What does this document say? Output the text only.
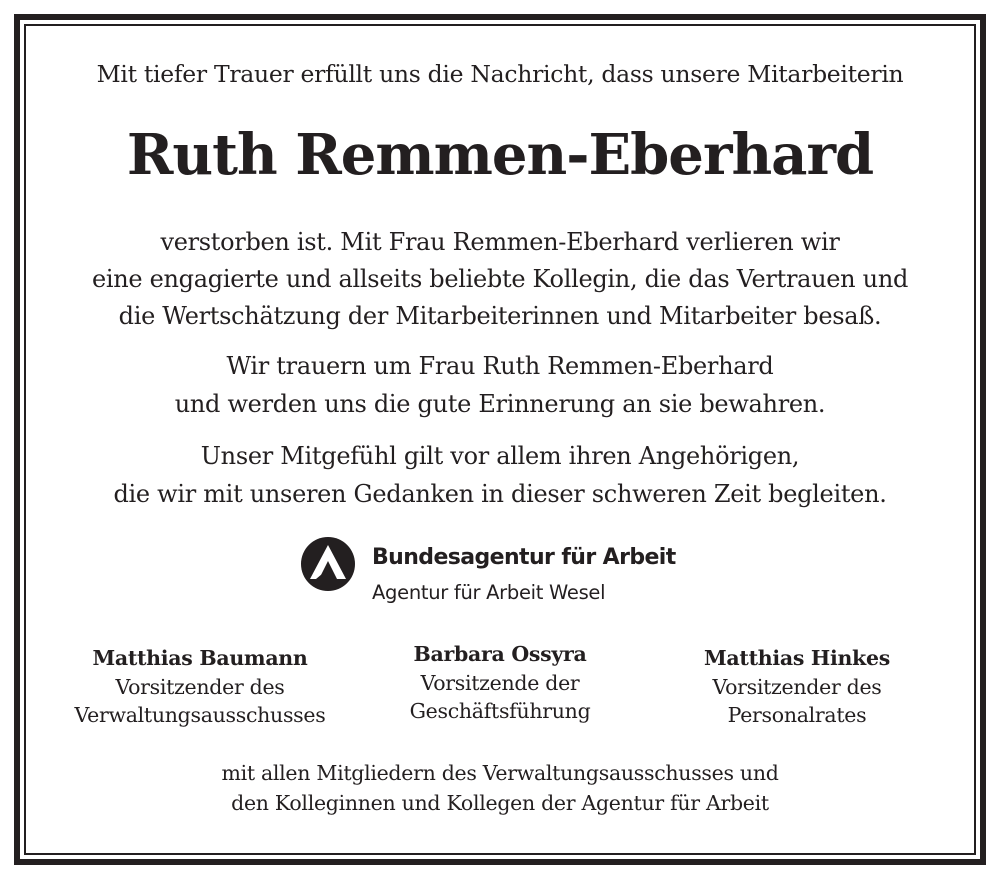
Mit tiefer Trauer erfüllt uns die Nachricht, dass unsere Mitarbeiterin
Ruth Remmen-Eberhard
verstorben ist. Mit Frau Remmen-Eberhard verlieren wir
eine engagierte und allseits beliebte Kollegin, die das Vertrauen und
die Wertschätzung der Mitarbeiterinnen und Mitarbeiter besaß.
Wir trauern um Frau Ruth Remmen-Eberhard
und werden uns die gute Erinnerung an sie bewahren.
Unser Mitgefühl gilt vor allem ihren Angehörigen,
die wir mit unseren Gedanken in dieser schweren Zeit begleiten.
Bundesagentur für Arbeit
Agentur für Arbeit Wesel
Matthias Baumann
Vorsitzender des
Verwaltungsausschusses
Barbara Ossyra
Vorsitzende der
Geschäftsführung
Matthias Hinkes
Vorsitzender des
Personalrates
mit allen Mitgliedern des Verwaltungsausschusses und
den Kolleginnen und Kollegen der Agentur für Arbeit
